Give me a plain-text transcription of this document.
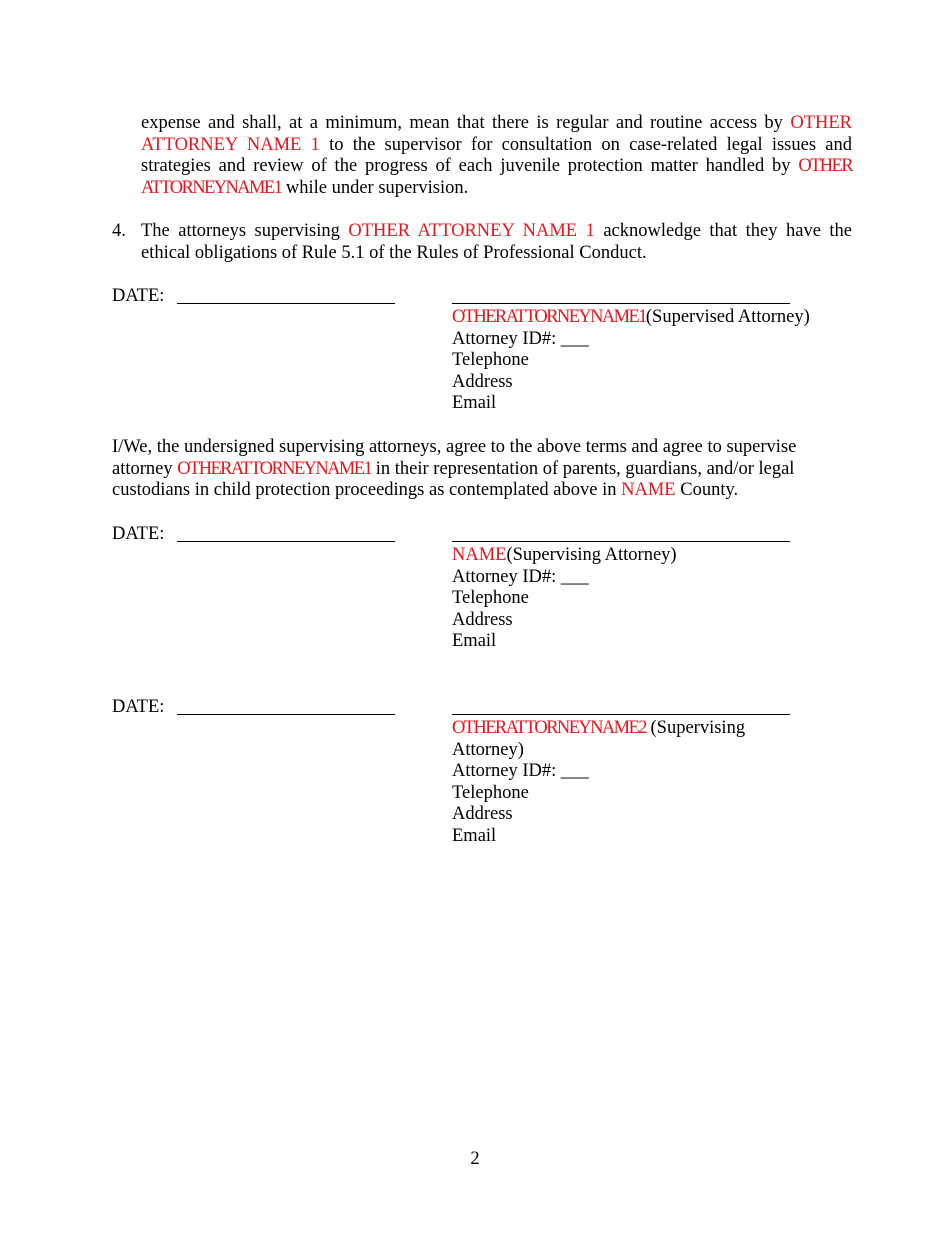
expense and shall, at a minimum, mean that there is regular and routine access by OTHER ATTORNEY NAME 1 to the supervisor for consultation on case-related legal issues and strategies and review of the progress of each juvenile protection matter handled by OTHER ATTORNEYNAME1 while under supervision.

4. The attorneys supervising OTHER ATTORNEY NAME 1 acknowledge that they have the ethical obligations of Rule 5.1 of the Rules of Professional Conduct.
DATE:
OTHERATTORNEYNAME1(Supervised Attorney)
Attorney ID#: ___
Telephone
Address
Email

I/We, the undersigned supervising attorneys, agree to the above terms and agree to supervise attorney OTHERATTORNEYNAME1 in their representation of parents, guardians, and/or legal custodians in child protection proceedings as contemplated above in NAME County.

DATE:
NAME(Supervising Attorney)
Attorney ID#: ___
Telephone
Address
Email
DATE:
OTHERATTORNEYNAME2 (Supervising
Attorney)
Attorney ID#: ___
Telephone
Address
Email
2
